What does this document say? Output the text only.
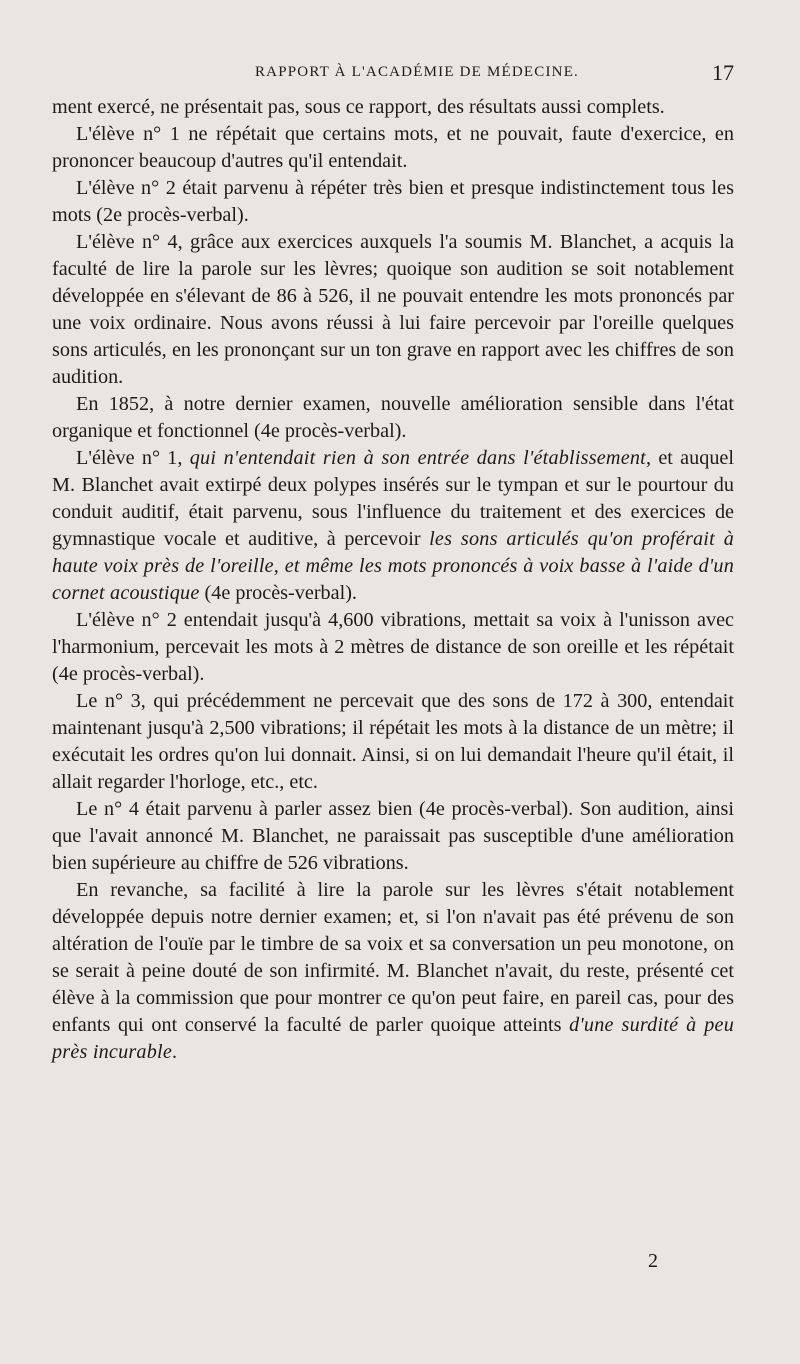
RAPPORT À L'ACADÉMIE DE MÉDECINE.	17

ment exercé, ne présentait pas, sous ce rapport, des résultats aussi complets.

L'élève n° 1 ne répétait que certains mots, et ne pouvait, faute d'exercice, en prononcer beaucoup d'autres qu'il entendait.

L'élève n° 2 était parvenu à répéter très bien et presque indistinctement tous les mots (2e procès-verbal).

L'élève n° 4, grâce aux exercices auxquels l'a soumis M. Blanchet, a acquis la faculté de lire la parole sur les lèvres; quoique son audition se soit notablement développée en s'élevant de 86 à 526, il ne pouvait entendre les mots prononcés par une voix ordinaire. Nous avons réussi à lui faire percevoir par l'oreille quelques sons articulés, en les prononçant sur un ton grave en rapport avec les chiffres de son audition.

En 1852, à notre dernier examen, nouvelle amélioration sensible dans l'état organique et fonctionnel (4e procès-verbal).

L'élève n° 1, qui n'entendait rien à son entrée dans l'établissement, et auquel M. Blanchet avait extirpé deux polypes insérés sur le tympan et sur le pourtour du conduit auditif, était parvenu, sous l'influence du traitement et des exercices de gymnastique vocale et auditive, à percevoir les sons articulés qu'on proférait à haute voix près de l'oreille, et même les mots prononcés à voix basse à l'aide d'un cornet acoustique (4e procès-verbal).

L'élève n° 2 entendait jusqu'à 4,600 vibrations, mettait sa voix à l'unisson avec l'harmonium, percevait les mots à 2 mètres de distance de son oreille et les répétait (4e procès-verbal).

Le n° 3, qui précédemment ne percevait que des sons de 172 à 300, entendait maintenant jusqu'à 2,500 vibrations; il répétait les mots à la distance de un mètre; il exécutait les ordres qu'on lui donnait. Ainsi, si on lui demandait l'heure qu'il était, il allait regarder l'horloge, etc., etc.

Le n° 4 était parvenu à parler assez bien (4e procès-verbal). Son audition, ainsi que l'avait annoncé M. Blanchet, ne paraissait pas susceptible d'une amélioration bien supérieure au chiffre de 526 vibrations.

En revanche, sa facilité à lire la parole sur les lèvres s'était notablement développée depuis notre dernier examen; et, si l'on n'avait pas été prévenu de son altération de l'ouïe par le timbre de sa voix et sa conversation un peu monotone, on se serait à peine douté de son infirmité. M. Blanchet n'avait, du reste, présenté cet élève à la commission que pour montrer ce qu'on peut faire, en pareil cas, pour des enfants qui ont conservé la faculté de parler quoique atteints d'une surdité à peu près incurable.

2
